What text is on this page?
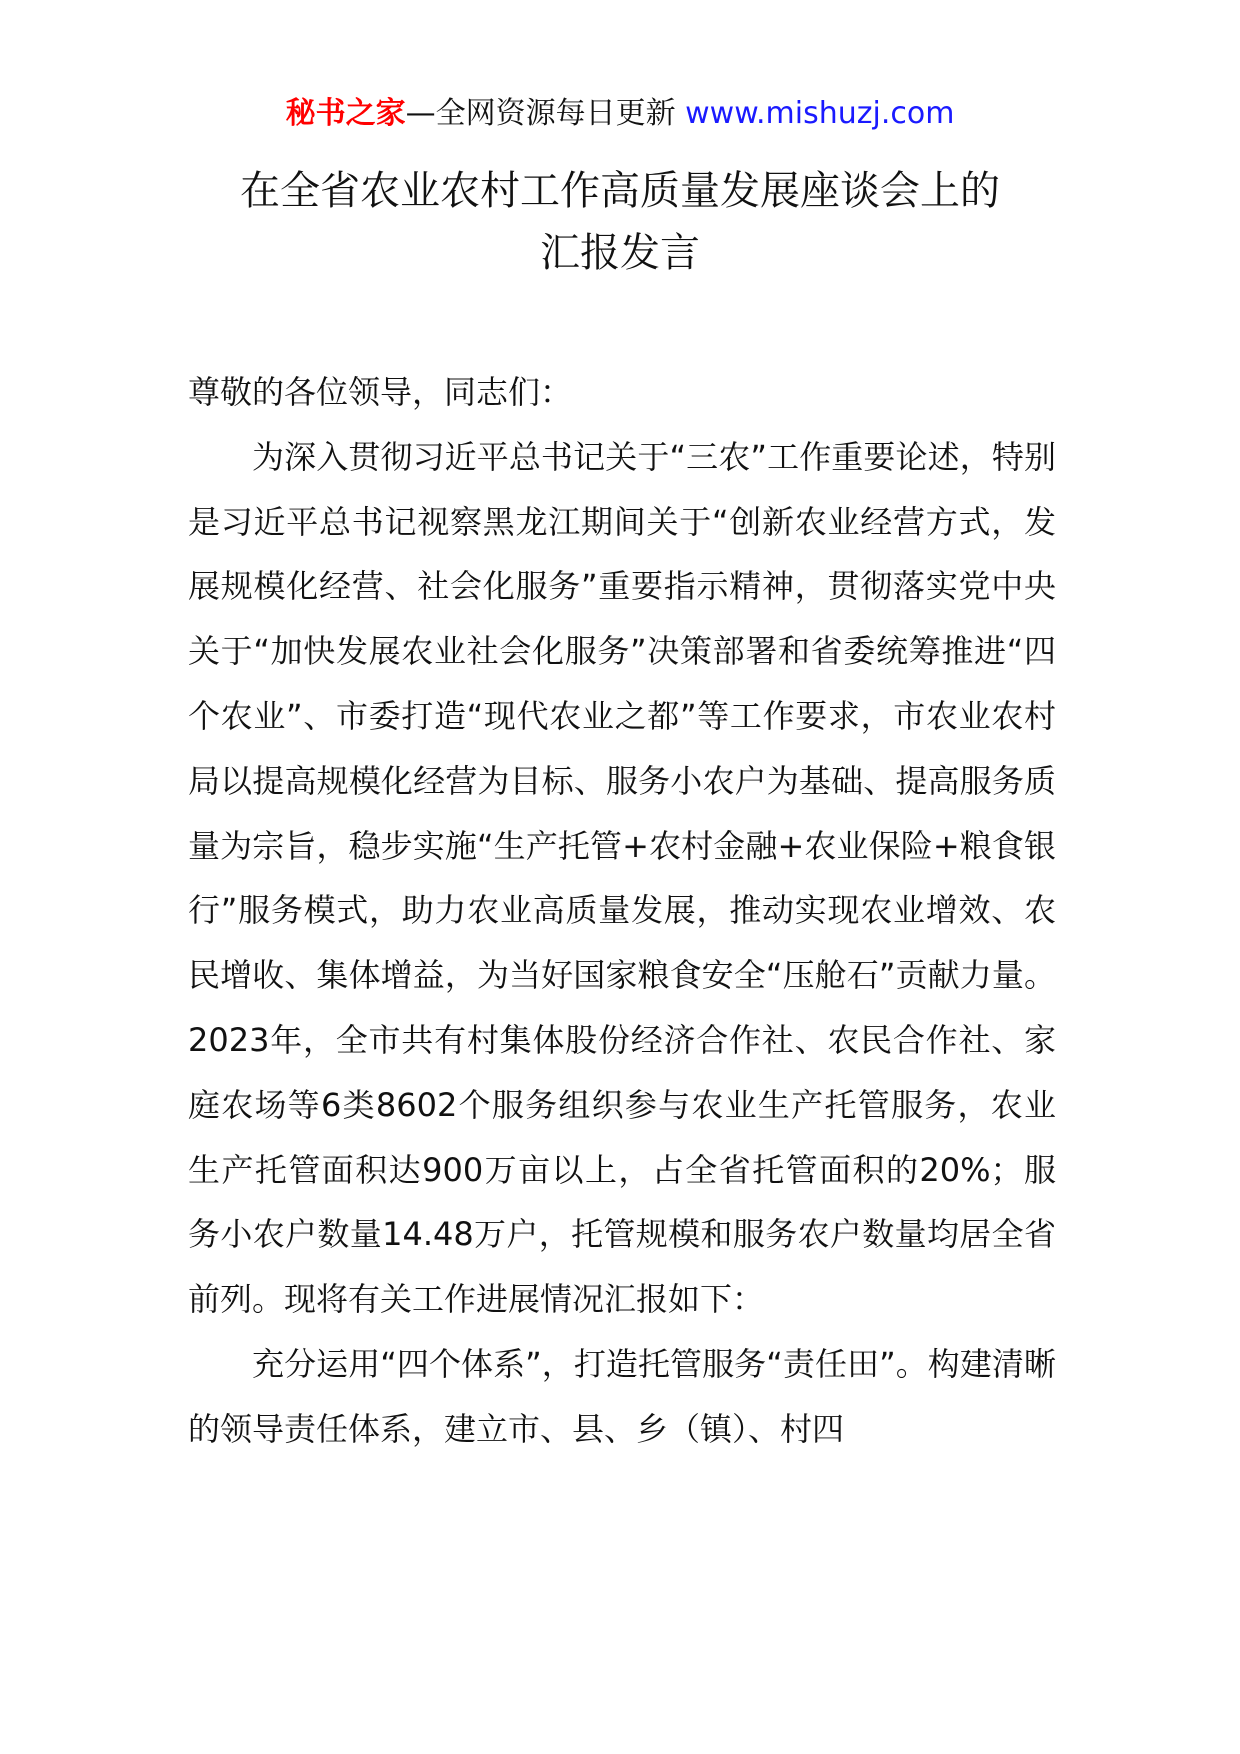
秘书之家—全网资源每日更新 www.mishuzj.com
在全省农业农村工作高质量发展座谈会上的
汇报发言

尊敬的各位领导，同志们：

为深入贯彻习近平总书记关于“三农”工作重要论述，特别是习近平总书记视察黑龙江期间关于“创新农业经营方式，发展规模化经营、社会化服务”重要指示精神，贯彻落实党中央关于“加快发展农业社会化服务”决策部署和省委统筹推进“四个农业”、市委打造“现代农业之都”等工作要求，市农业农村局以提高规模化经营为目标、服务小农户为基础、提高服务质量为宗旨，稳步实施“生产托管+农村金融+农业保险+粮食银行”服务模式，助力农业高质量发展，推动实现农业增效、农民增收、集体增益，为当好国家粮食安全“压舱石”贡献力量。2023年，全市共有村集体股份经济合作社、农民合作社、家庭农场等6类8602个服务组织参与农业生产托管服务，农业生产托管面积达900万亩以上，占全省托管面积的20%；服务小农户数量14.48万户，托管规模和服务农户数量均居全省前列。现将有关工作进展情况汇报如下：

充分运用“四个体系”，打造托管服务“责任田”。构建清晰的领导责任体系，建立市、县、乡（镇）、村四
